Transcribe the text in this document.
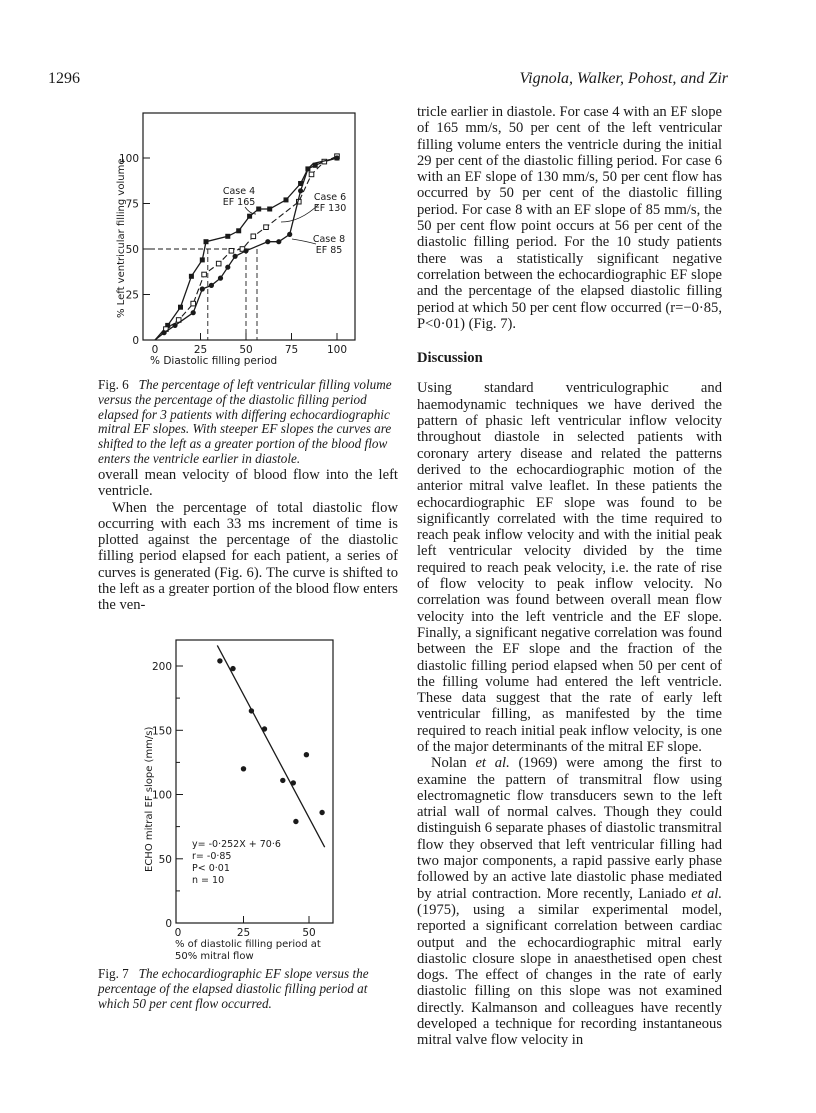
1296	Vignola, Walker, Pohost, and Zir
100
75
50
25
0
0	25	50	75	100
% Diastolic filling period
% Left ventricular filling volume	Case 4
EF 165	Case 6
EF 130
Case 8
EF 85
Fig. 6 The percentage of left ventricular filling volume versus the percentage of the diastolic filling period elapsed for 3 patients with differing echocardiographic mitral EF slopes. With steeper EF slopes the curves are shifted to the left as a greater portion of the blood flow enters the ventricle earlier in diastole.

overall mean velocity of blood flow into the left ventricle.

When the percentage of total diastolic flow occurring with each 33 ms increment of time is plotted against the percentage of the diastolic filling period elapsed for each patient, a series of curves is generated (Fig. 6). The curve is shifted to the left as a greater portion of the blood flow enters the ven-

200
150
100
50
0
0	25	50
% of diastolic filling period at
50% mitral flow
ECHO mitral EF slope (mm/s)	y= -0·252X + 70·6
r= -0·85
P< 0·01
n = 10
Fig. 7 The echocardiographic EF slope versus the percentage of the elapsed diastolic filling period at which 50 per cent flow occurred.

tricle earlier in diastole. For case 4 with an EF slope of 165 mm/s, 50 per cent of the left ventricular filling volume enters the ventricle during the initial 29 per cent of the diastolic filling period. For case 6 with an EF slope of 130 mm/s, 50 per cent flow has occurred by 50 per cent of the diastolic filling period. For case 8 with an EF slope of 85 mm/s, the 50 per cent flow point occurs at 56 per cent of the diastolic filling period. For the 10 study patients there was a statistically significant negative correlation between the echocardiographic EF slope and the percentage of the elapsed diastolic filling period at which 50 per cent flow occurred (r=−0·85, P<0·01) (Fig. 7).

Discussion

Using standard ventriculographic and haemodynamic techniques we have derived the pattern of phasic left ventricular inflow velocity throughout diastole in selected patients with coronary artery disease and related the patterns derived to the echocardiographic motion of the anterior mitral valve leaflet. In these patients the echocardiographic EF slope was found to be significantly correlated with the time required to reach peak inflow velocity and with the initial peak left ventricular velocity divided by the time required to reach peak velocity, i.e. the rate of rise of flow velocity to peak inflow velocity. No correlation was found between overall mean flow velocity into the left ventricle and the EF slope. Finally, a significant negative correlation was found between the EF slope and the fraction of the diastolic filling period elapsed when 50 per cent of the filling volume had entered the left ventricle. These data suggest that the rate of early left ventricular filling, as manifested by the time required to reach initial peak inflow velocity, is one of the major determinants of the mitral EF slope.

Nolan et al. (1969) were among the first to examine the pattern of transmitral flow using electromagnetic flow transducers sewn to the left atrial wall of normal calves. Though they could distinguish 6 separate phases of diastolic transmitral flow they observed that left ventricular filling had two major components, a rapid passive early phase followed by an active late diastolic phase mediated by atrial contraction. More recently, Laniado et al. (1975), using a similar experimental model, reported a significant correlation between cardiac output and the echocardiographic mitral early diastolic closure slope in anaesthetised open chest dogs. The effect of changes in the rate of early diastolic filling on this slope was not examined directly. Kalmanson and colleagues have recently developed a technique for recording instantaneous mitral valve flow velocity in
